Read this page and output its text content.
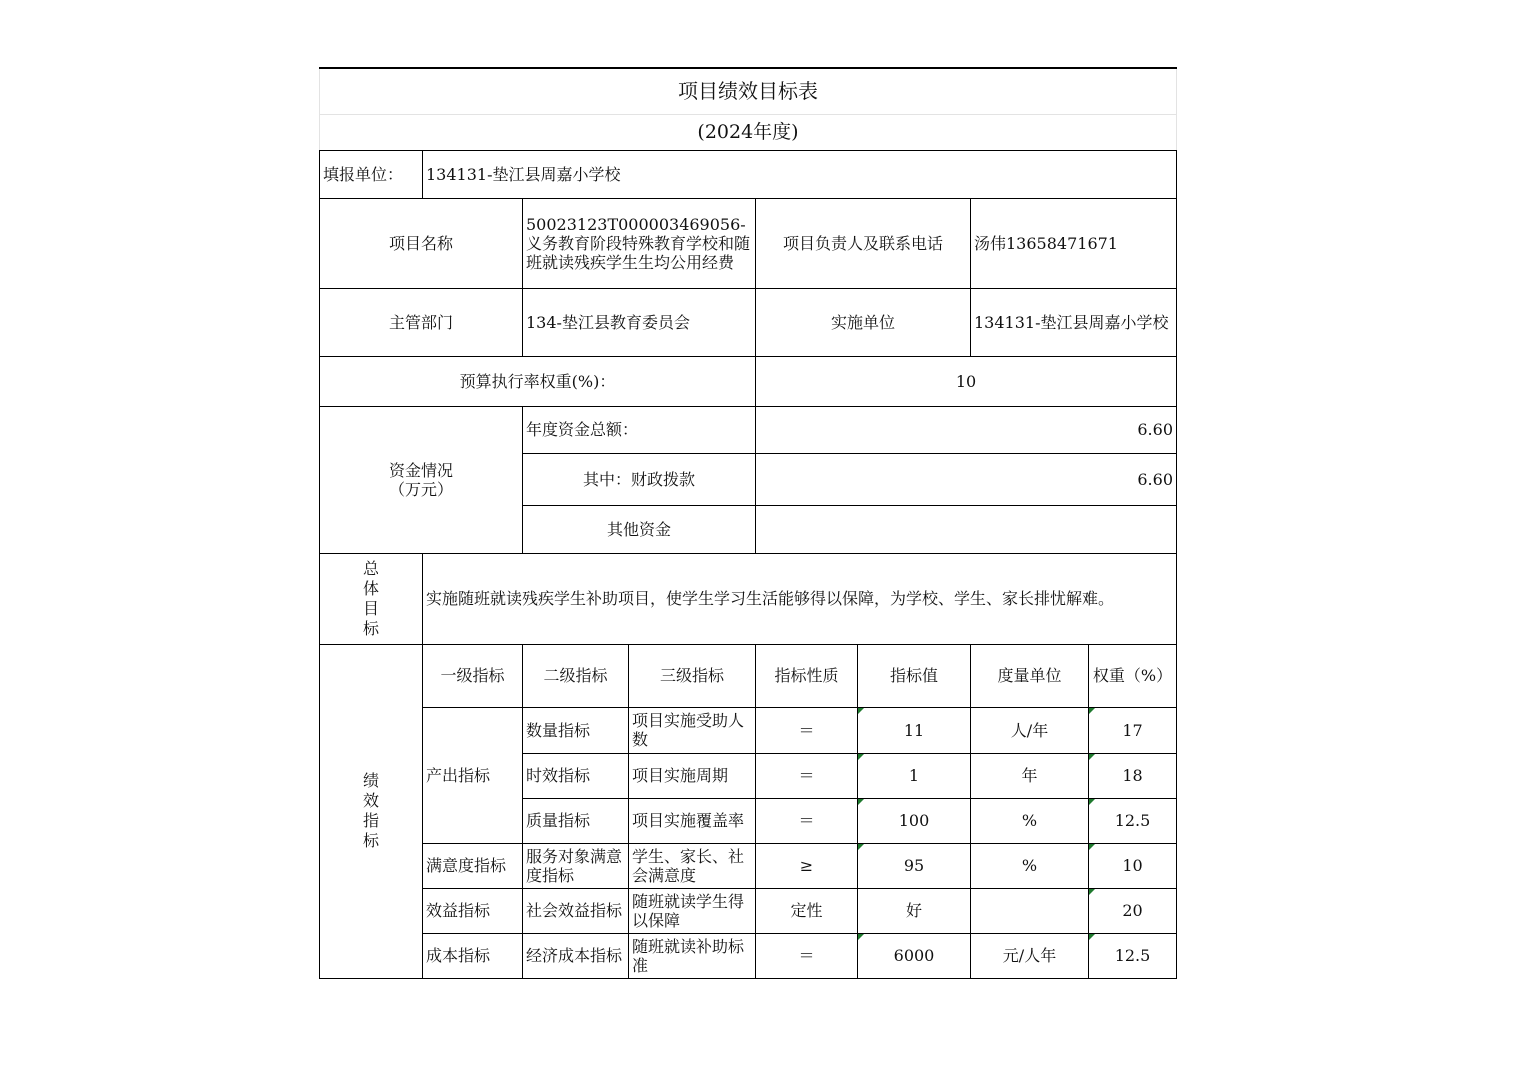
项目绩效目标表							
(2024年度)							
填报单位：	134131-垫江县周嘉小学校						
项目名称		50023123T000003469056-义务教育阶段特殊教育学校和随班就读残疾学生生均公用经费		项目负责人及联系电话		汤伟13658471671	
主管部门		134-垫江县教育委员会		实施单位		134131-垫江县周嘉小学校	
预算执行率权重(%)：				10			

资金情况
（万元）		年度资金总额：		6.60			
		其中：财政拨款		6.60			
		其他资金					

总
体
目
标	实施随班就读残疾学生补助项目，使学生学习生活能够得以保障，为学校、学生、家长排忧解难。						

绩
效
指
标	一级指标	二级指标	三级指标	指标性质	指标值	度量单位	权重（%）
	产出指标	数量指标	项目实施受助人数	＝	11	人/年	17
		时效指标	项目实施周期	＝	1	年	18
		质量指标	项目实施覆盖率	＝	100	%	12.5
	满意度指标	服务对象满意度指标	学生、家长、社会满意度	≥	95	%	10
	效益指标	社会效益指标	随班就读学生得以保障	定性	好		20
	成本指标	经济成本指标	随班就读补助标准	＝	6000	元/人年	12.5
